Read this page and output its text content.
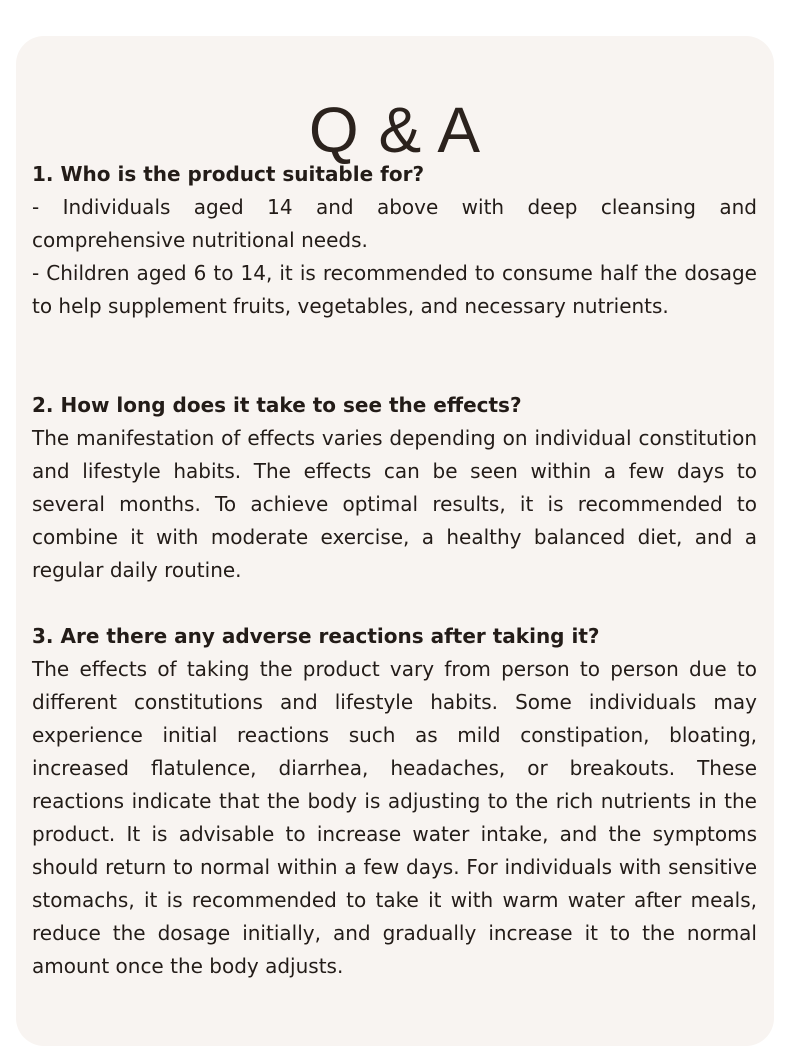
Q & A
1. Who is the product suitable for?

- Individuals aged 14 and above with deep cleansing and comprehensive nutritional needs.

- Children aged 6 to 14, it is recommended to consume half the dosage to help supplement fruits, vegetables, and necessary nutrients.

2. How long does it take to see the effects?

The manifestation of effects varies depending on individual constitution and lifestyle habits. The effects can be seen within a few days to several months. To achieve optimal results, it is recommended to combine it with moderate exercise, a healthy balanced diet, and a regular daily routine.

3. Are there any adverse reactions after taking it?

The effects of taking the product vary from person to person due to different constitutions and lifestyle habits. Some individuals may experience initial reactions such as mild constipation, bloating, increased flatulence, diarrhea, headaches, or breakouts. These reactions indicate that the body is adjusting to the rich nutrients in the product. It is advisable to increase water intake, and the symptoms should return to normal within a few days. For individuals with sensitive stomachs, it is recommended to take it with warm water after meals, reduce the dosage initially, and gradually increase it to the normal amount once the body adjusts.
